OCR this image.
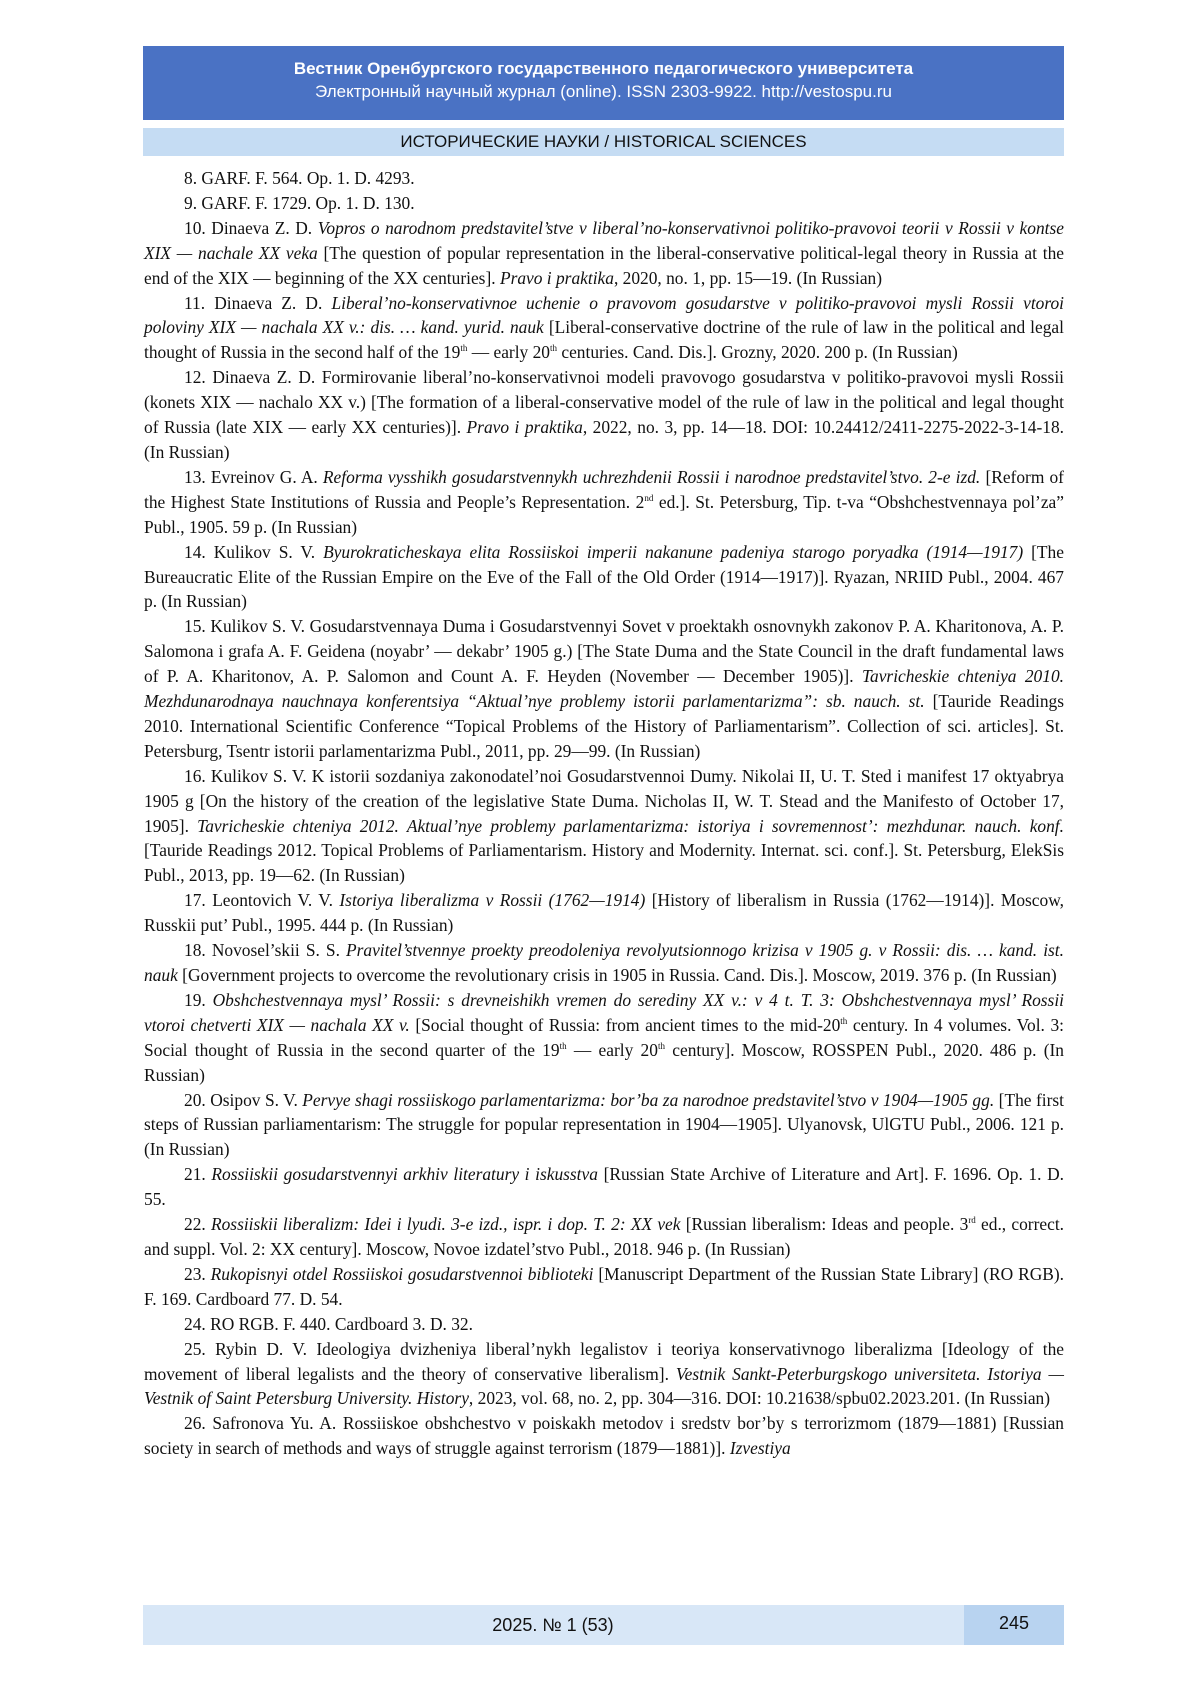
Вестник Оренбургского государственного педагогического университета
Электронный научный журнал (online). ISSN 2303-9922. http://vestospu.ru
ИСТОРИЧЕСКИЕ НАУКИ / HISTORICAL SCIENCES

8. GARF. F. 564. Op. 1. D. 4293.

9. GARF. F. 1729. Op. 1. D. 130.

10. Dinaeva Z. D. Vopros o narodnom predstavitel’stve v liberal’no-konservativnoi politiko-pravovoi teorii v Rossii v kontse XIX — nachale XX veka [The question of popular representation in the liberal-conservative political-legal theory in Russia at the end of the XIX — beginning of the XX centuries]. Pravo i praktika, 2020, no. 1, pp. 15—19. (In Russian)

11. Dinaeva Z. D. Liberal’no-konservativnoe uchenie o pravovom gosudarstve v politiko-pravovoi mysli Rossii vtoroi poloviny XIX — nachala XX v.: dis. … kand. yurid. nauk [Liberal-conservative doctrine of the rule of law in the political and legal thought of Russia in the second half of the 19th — early 20th centuries. Cand. Dis.]. Grozny, 2020. 200 p. (In Russian)

12. Dinaeva Z. D. Formirovanie liberal’no-konservativnoi modeli pravovogo gosudarstva v politiko-pravovoi mysli Rossii (konets XIX — nachalo XX v.) [The formation of a liberal-conservative model of the rule of law in the political and legal thought of Russia (late XIX — early XX centuries)]. Pravo i praktika, 2022, no. 3, pp. 14—18. DOI: 10.24412/2411-2275-2022-3-14-18. (In Russian)

13. Evreinov G. A. Reforma vysshikh gosudarstvennykh uchrezhdenii Rossii i narodnoe predstavitel’stvo. 2-e izd. [Reform of the Highest State Institutions of Russia and People’s Representation. 2nd ed.]. St. Petersburg, Tip. t-va “Obshchestvennaya pol’za” Publ., 1905. 59 p. (In Russian)

14. Kulikov S. V. Byurokraticheskaya elita Rossiiskoi imperii nakanune padeniya starogo poryadka (1914—1917) [The Bureaucratic Elite of the Russian Empire on the Eve of the Fall of the Old Order (1914—1917)]. Ryazan, NRIID Publ., 2004. 467 p. (In Russian)

15. Kulikov S. V. Gosudarstvennaya Duma i Gosudarstvennyi Sovet v proektakh osnovnykh zakonov P. A. Kharitonova, A. P. Salomona i grafa A. F. Geidena (noyabr’ — dekabr’ 1905 g.) [The State Duma and the State Council in the draft fundamental laws of P. A. Kharitonov, A. P. Salomon and Count A. F. Heyden (November — December 1905)]. Tavricheskie chteniya 2010. Mezhdunarodnaya nauchnaya konferentsiya “Aktual’nye problemy istorii parlamentarizma”: sb. nauch. st. [Tauride Readings 2010. International Scientific Conference “Topical Problems of the History of Parliamentarism”. Collection of sci. articles]. St. Petersburg, Tsentr istorii parlamentarizma Publ., 2011, pp. 29—99. (In Russian)

16. Kulikov S. V. K istorii sozdaniya zakonodatel’noi Gosudarstvennoi Dumy. Nikolai II, U. T. Sted i manifest 17 oktyabrya 1905 g [On the history of the creation of the legislative State Duma. Nicholas II, W. T. Stead and the Manifesto of October 17, 1905]. Tavricheskie chteniya 2012. Aktual’nye problemy parlamentarizma: istoriya i sovremennost’: mezhdunar. nauch. konf. [Tauride Readings 2012. Topical Problems of Parliamentarism. History and Modernity. Internat. sci. conf.]. St. Petersburg, ElekSis Publ., 2013, pp. 19—62. (In Russian)

17. Leontovich V. V. Istoriya liberalizma v Rossii (1762—1914) [History of liberalism in Russia (1762—1914)]. Moscow, Russkii put’ Publ., 1995. 444 p. (In Russian)

18. Novosel’skii S. S. Pravitel’stvennye proekty preodoleniya revolyutsionnogo krizisa v 1905 g. v Rossii: dis. … kand. ist. nauk [Government projects to overcome the revolutionary crisis in 1905 in Russia. Cand. Dis.]. Moscow, 2019. 376 p. (In Russian)

19. Obshchestvennaya mysl’ Rossii: s drevneishikh vremen do serediny XX v.: v 4 t. T. 3: Obshchestvennaya mysl’ Rossii vtoroi chetverti XIX — nachala XX v. [Social thought of Russia: from ancient times to the mid-20th century. In 4 volumes. Vol. 3: Social thought of Russia in the second quarter of the 19th — early 20th century]. Moscow, ROSSPEN Publ., 2020. 486 p. (In Russian)

20. Osipov S. V. Pervye shagi rossiiskogo parlamentarizma: bor’ba za narodnoe predstavitel’stvo v 1904—1905 gg. [The first steps of Russian parliamentarism: The struggle for popular representation in 1904—1905]. Ulyanovsk, UlGTU Publ., 2006. 121 p. (In Russian)

21. Rossiiskii gosudarstvennyi arkhiv literatury i iskusstva [Russian State Archive of Literature and Art]. F. 1696. Op. 1. D. 55.

22. Rossiiskii liberalizm: Idei i lyudi. 3-e izd., ispr. i dop. T. 2: XX vek [Russian liberalism: Ideas and people. 3rd ed., correct. and suppl. Vol. 2: XX century]. Moscow, Novoe izdatel’stvo Publ., 2018. 946 p. (In Russian)

23. Rukopisnyi otdel Rossiiskoi gosudarstvennoi biblioteki [Manuscript Department of the Russian State Library] (RO RGB). F. 169. Cardboard 77. D. 54.

24. RO RGB. F. 440. Cardboard 3. D. 32.

25. Rybin D. V. Ideologiya dvizheniya liberal’nykh legalistov i teoriya konservativnogo liberalizma [Ideology of the movement of liberal legalists and the theory of conservative liberalism]. Vestnik Sankt-Peterburgskogo universiteta. Istoriya — Vestnik of Saint Petersburg University. History, 2023, vol. 68, no. 2, pp. 304—316. DOI: 10.21638/spbu02.2023.201. (In Russian)

26. Safronova Yu. A. Rossiiskoe obshchestvo v poiskakh metodov i sredstv bor’by s terrorizmom (1879—1881) [Russian society in search of methods and ways of struggle against terrorism (1879—1881)]. Izvestiya

2025. № 1 (53)	245
